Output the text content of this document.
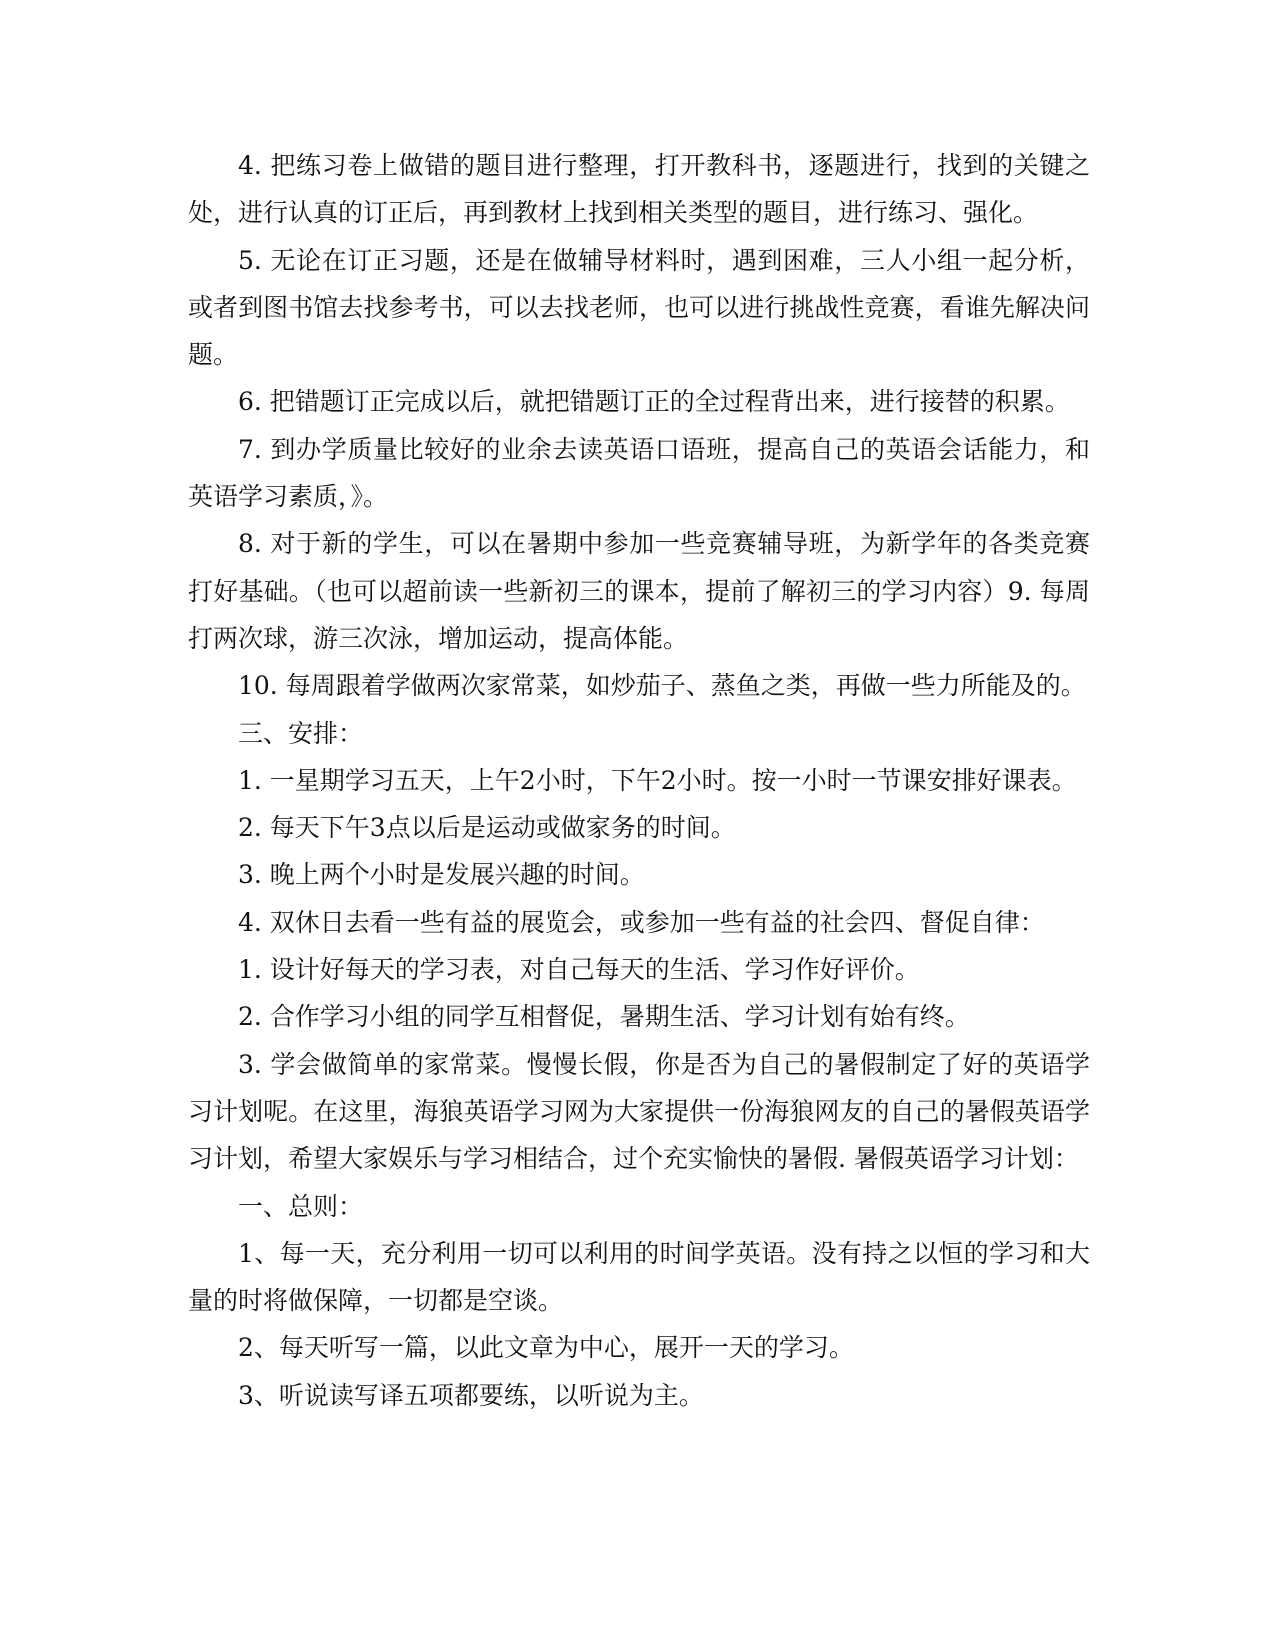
4. 把练习卷上做错的题目进行整理，打开教科书，逐题进行，找到的关键之处，进行认真的订正后，再到教材上找到相关类型的题目，进行练习、强化。

5. 无论在订正习题，还是在做辅导材料时，遇到困难，三人小组一起分析，或者到图书馆去找参考书，可以去找老师，也可以进行挑战性竞赛，看谁先解决问题。

6. 把错题订正完成以后，就把错题订正的全过程背出来，进行接替的积累。

7. 到办学质量比较好的业余去读英语口语班，提高自己的英语会话能力，和英语学习素质，》。

8. 对于新的学生，可以在暑期中参加一些竞赛辅导班，为新学年的各类竞赛打好基础。（也可以超前读一些新初三的课本，提前了解初三的学习内容）9. 每周打两次球，游三次泳，增加运动，提高体能。

10. 每周跟着学做两次家常菜，如炒茄子、蒸鱼之类，再做一些力所能及的。

三、安排：

1. 一星期学习五天，上午2小时，下午2小时。按一小时一节课安排好课表。

2. 每天下午3点以后是运动或做家务的时间。

3. 晚上两个小时是发展兴趣的时间。

4. 双休日去看一些有益的展览会，或参加一些有益的社会四、督促自律：

1. 设计好每天的学习表，对自己每天的生活、学习作好评价。

2. 合作学习小组的同学互相督促，暑期生活、学习计划有始有终。

3. 学会做简单的家常菜。慢慢长假，你是否为自己的暑假制定了好的英语学习计划呢。在这里，海狼英语学习网为大家提供一份海狼网友的自己的暑假英语学习计划，希望大家娱乐与学习相结合，过个充实愉快的暑假. 暑假英语学习计划：

一、总则：

1、每一天，充分利用一切可以利用的时间学英语。没有持之以恒的学习和大量的时将做保障，一切都是空谈。

2、每天听写一篇，以此文章为中心，展开一天的学习。

3、听说读写译五项都要练，以听说为主。
